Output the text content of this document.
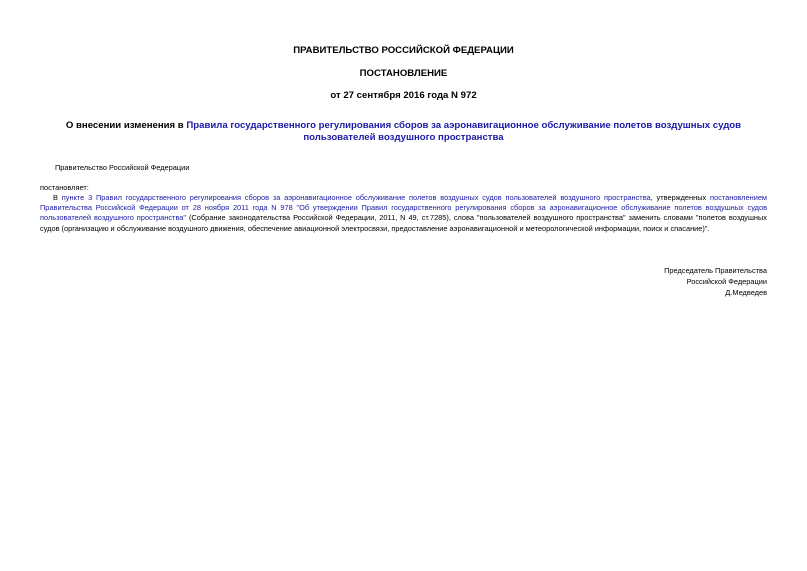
ПРАВИТЕЛЬСТВО РОССИЙСКОЙ ФЕДЕРАЦИИ
ПОСТАНОВЛЕНИЕ
от 27 сентября 2016 года N 972
О внесении изменения в Правила государственного регулирования сборов за аэронавигационное обслуживание полетов воздушных судов пользователей воздушного пространства
Правительство Российской Федерации
постановляет:
В пункте 3 Правил государственного регулирования сборов за аэронавигационное обслуживание полетов воздушных судов пользователей воздушного пространства, утвержденных постановлением Правительства Российской Федерации от 28 ноября 2011 года N 978 "Об утверждении Правил государственного регулирования сборов за аэронавигационное обслуживание полетов воздушных судов пользователей воздушного пространства" (Собрание законодательства Российской Федерации, 2011, N 49, ст.7285), слова "пользователей воздушного пространства" заменить словами "полетов воздушных судов (организацию и обслуживание воздушного движения, обеспечение авиационной электросвязи, предоставление аэронавигационной и метеорологической информации, поиск и спасание)".
Председатель Правительства
Российской Федерации
Д.Медведев
